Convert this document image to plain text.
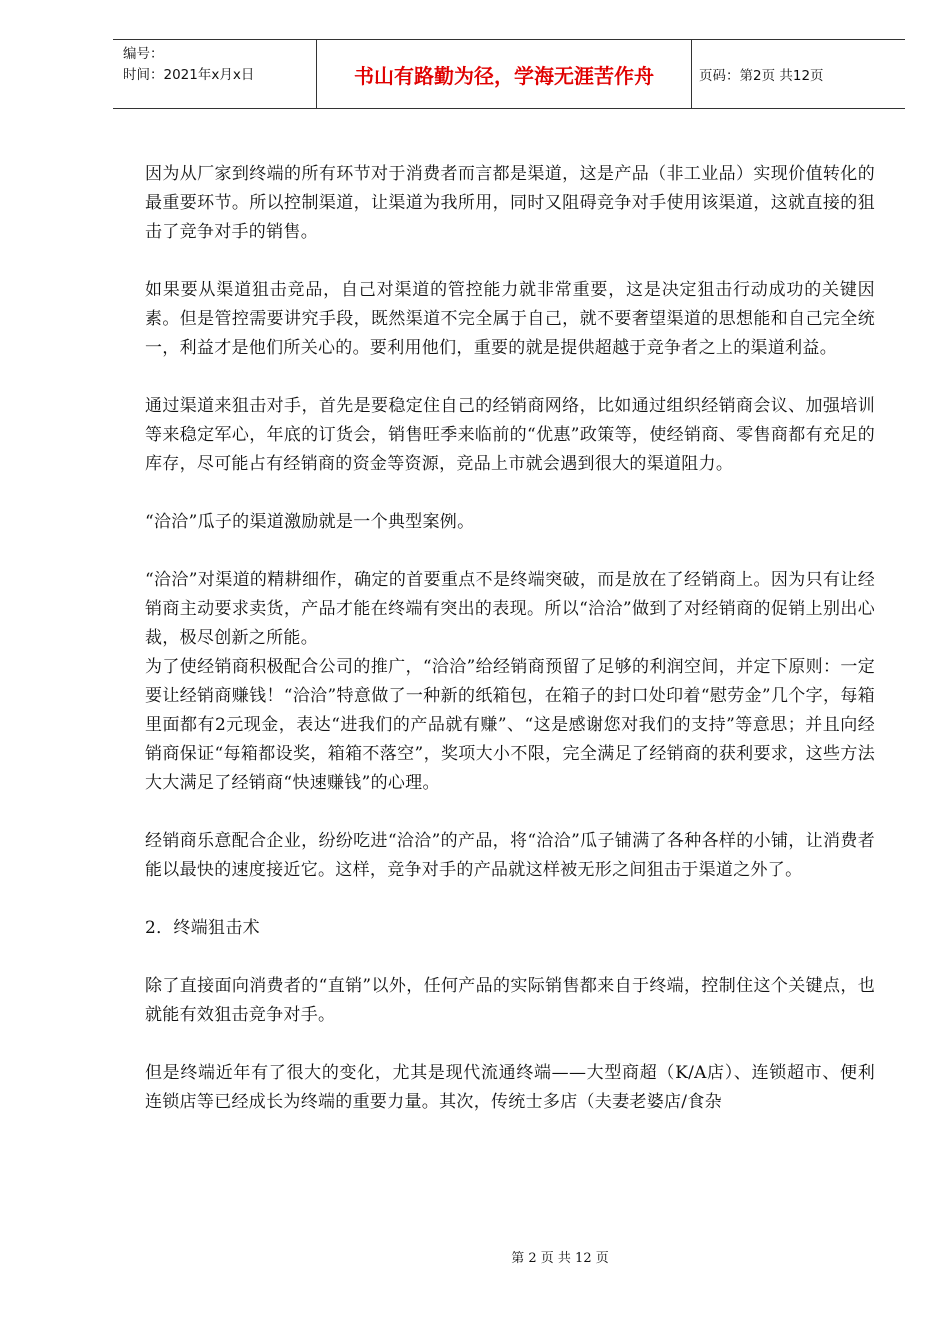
编号：
时间：2021年x月x日	书山有路勤为径，学海无涯苦作舟	页码：第2页 共12页

因为从厂家到终端的所有环节对于消费者而言都是渠道，这是产品（非工业品）实现价值转化的最重要环节。所以控制渠道，让渠道为我所用，同时又阻碍竞争对手使用该渠道，这就直接的狙击了竞争对手的销售。

如果要从渠道狙击竞品，自己对渠道的管控能力就非常重要，这是决定狙击行动成功的关键因素。但是管控需要讲究手段，既然渠道不完全属于自己，就不要奢望渠道的思想能和自己完全统一，利益才是他们所关心的。要利用他们，重要的就是提供超越于竞争者之上的渠道利益。

通过渠道来狙击对手，首先是要稳定住自己的经销商网络，比如通过组织经销商会议、加强培训等来稳定军心，年底的订货会，销售旺季来临前的“优惠”政策等，使经销商、零售商都有充足的库存，尽可能占有经销商的资金等资源，竞品上市就会遇到很大的渠道阻力。

“洽洽”瓜子的渠道激励就是一个典型案例。

“洽洽”对渠道的精耕细作，确定的首要重点不是终端突破，而是放在了经销商上。因为只有让经销商主动要求卖货，产品才能在终端有突出的表现。所以“洽洽”做到了对经销商的促销上别出心裁，极尽创新之所能。

为了使经销商积极配合公司的推广，“洽洽”给经销商预留了足够的利润空间，并定下原则：一定要让经销商赚钱！“洽洽”特意做了一种新的纸箱包，在箱子的封口处印着“慰劳金”几个字，每箱里面都有2元现金，表达“进我们的产品就有赚”、“这是感谢您对我们的支持”等意思；并且向经销商保证“每箱都设奖，箱箱不落空”，奖项大小不限，完全满足了经销商的获利要求，这些方法大大满足了经销商“快速赚钱”的心理。

经销商乐意配合企业，纷纷吃进“洽洽”的产品，将“洽洽”瓜子铺满了各种各样的小铺，让消费者能以最快的速度接近它。这样，竞争对手的产品就这样被无形之间狙击于渠道之外了。

2．终端狙击术

除了直接面向消费者的“直销”以外，任何产品的实际销售都来自于终端，控制住这个关键点，也就能有效狙击竞争对手。

但是终端近年有了很大的变化，尤其是现代流通终端——大型商超（K/A店）、连锁超市、便利连锁店等已经成长为终端的重要力量。其次，传统士多店（夫妻老婆店/食杂

第 2 页 共 12 页
